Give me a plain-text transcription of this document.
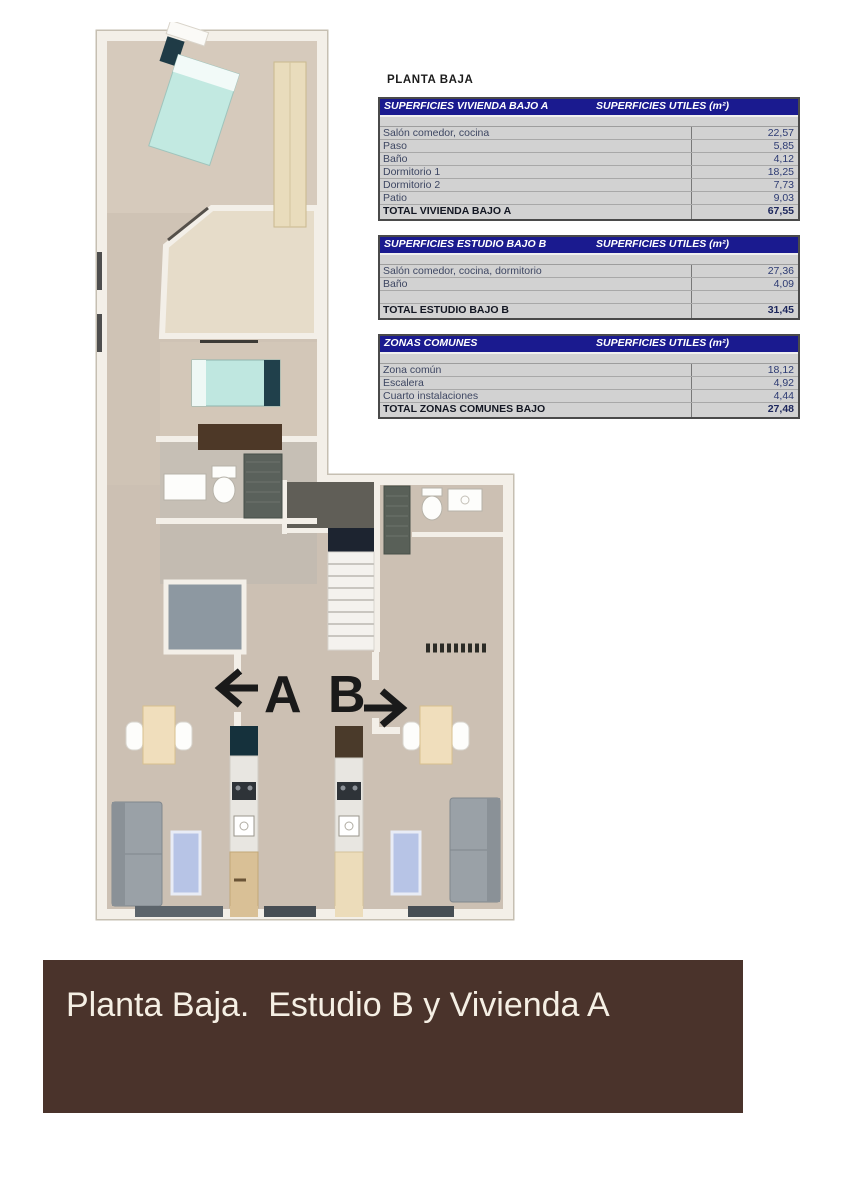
A B
PLANTA BAJA
SUPERFICIES VIVIENDA BAJO A	SUPERFICIES UTILES (m²)
Salón comedor, cocina	22,57
Paso	5,85
Baño	4,12
Dormitorio 1	18,25
Dormitorio 2	7,73
Patio	9,03
TOTAL VIVIENDA BAJO A	67,55
SUPERFICIES ESTUDIO BAJO B	SUPERFICIES UTILES (m²)
Salón comedor, cocina, dormitorio	27,36
Baño	4,09
TOTAL ESTUDIO BAJO B	31,45
ZONAS COMUNES	SUPERFICIES UTILES (m²)
Zona común	18,12
Escalera	4,92
Cuarto instalaciones	4,44
TOTAL ZONAS COMUNES BAJO	27,48
Planta Baja.  Estudio B y Vivienda A
